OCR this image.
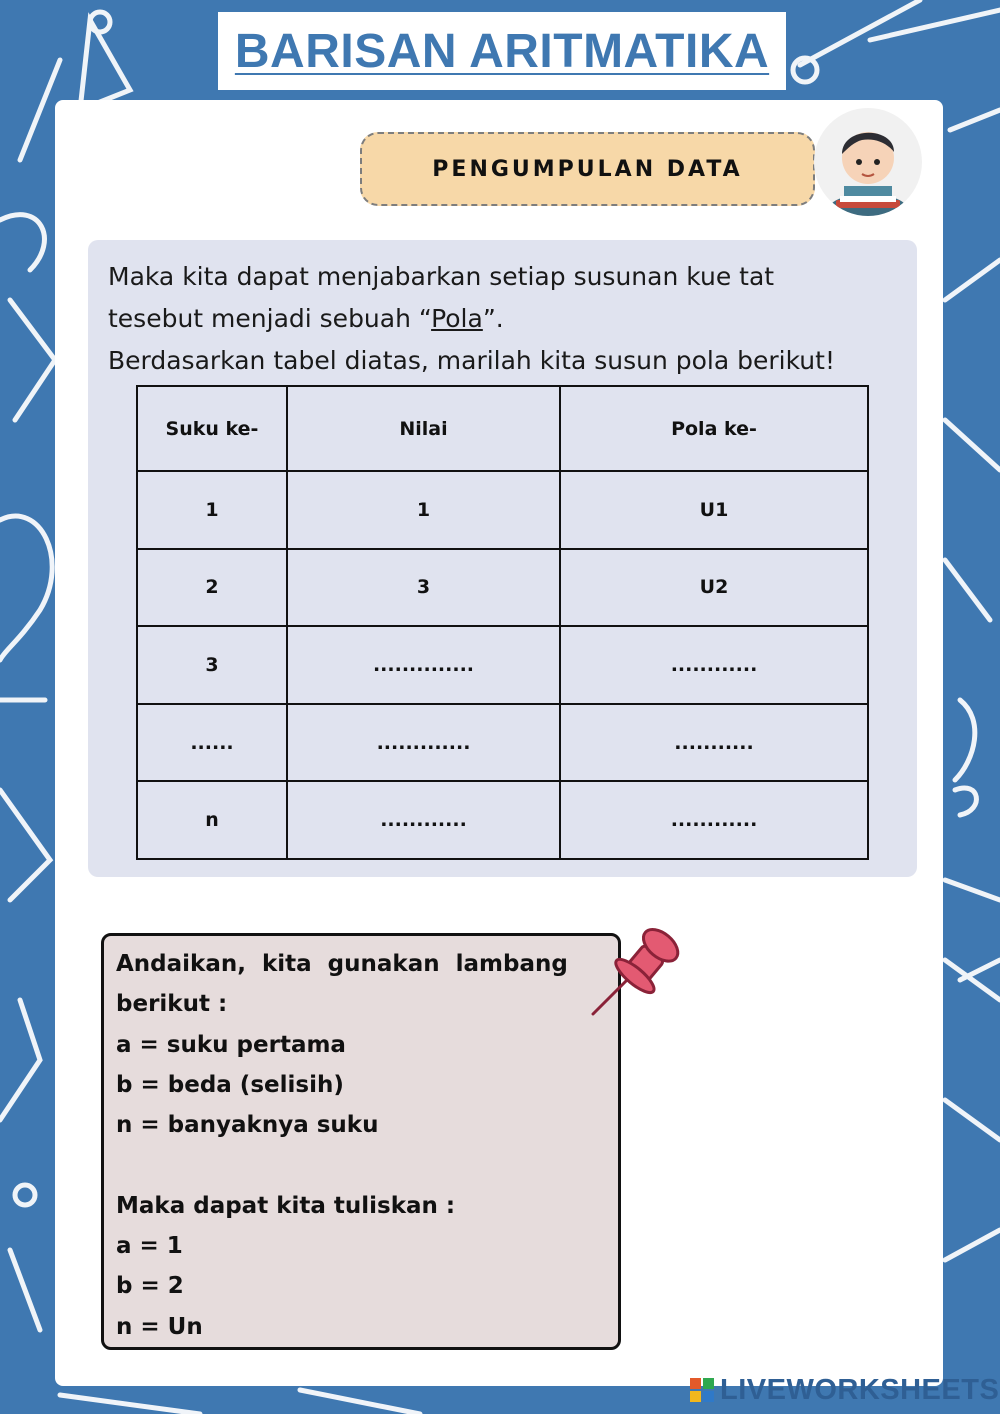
BARISAN ARITMATIKA
PENGUMPULAN DATA

Maka kita dapat menjabarkan setiap susunan kue tat

tesebut menjadi sebuah “Pola”.

Berdasarkan tabel diatas, marilah kita susun pola berikut!

Suku ke-	Nilai	Pola ke-
1	1	U1
2	3	U2
3	..............	............
......	.............	...........
n	............	............
Andaikan, kita gunakan lambang
berikut :
a = suku pertama
b = beda (selisih)
n = banyaknya suku
Maka dapat kita tuliskan :
a = 1
b = 2
n = Un
LIVEWORKSHEETS
